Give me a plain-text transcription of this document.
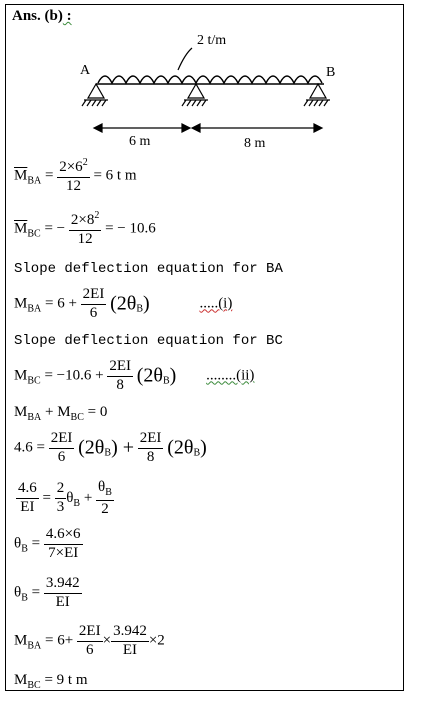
Ans. (b) :
2 t/m
A	B
6 m	8 m
$\overline{M}_{BA} = \frac{2\times 6^2}{12} = 6$ t m
$\overline{M}_{BC}$ = − $\frac{2\times 8^2}{12}$ = − 10.6
Slope deflection equation for BA
$M_{BA} = 6 + \frac{2EI}{6} (2\theta_B)$	.....(i)
Slope deflection equation for BC
$M_{BC} = -10.6 + \frac{2EI}{8} (2\theta_B)$ ........(ii)
$M_{BA} + M_{BC} = 0$
$4.6 = \frac{2EI}{6} (2\theta_B) + \frac{2EI}{8} (2\theta_B)$
$\frac{4.6}{EI} = \frac{2}{3} \theta_B + \frac{\theta_B}{2}$
$\theta_B = \frac{4.6\times 6}{7\times EI}$
$\theta_B = \frac{3.942}{EI}$
$M_{BA} = 6+ \frac{2EI}{6} \times \frac{3.942}{EI} \times 2$
$M_{BC} = 9$ t m
